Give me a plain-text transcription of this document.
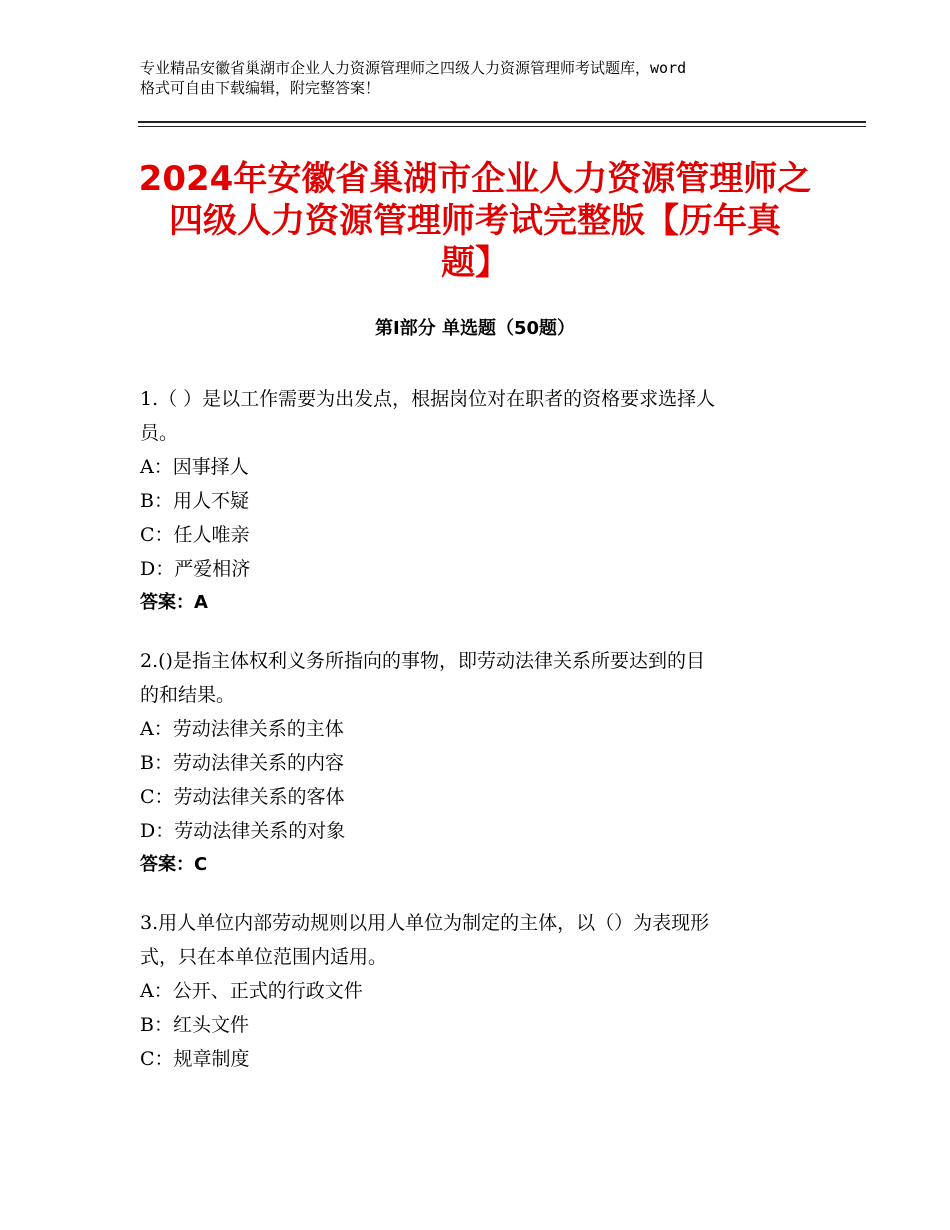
专业精品安徽省巢湖市企业人力资源管理师之四级人力资源管理师考试题库，word
格式可自由下载编辑，附完整答案！
2024年安徽省巢湖市企业人力资源管理师之
四级人力资源管理师考试完整版【历年真
题】
第Ⅰ部分 单选题（50题）
1.（ ）是以工作需要为出发点，根据岗位对在职者的资格要求选择人
员。
A：因事择人
B：用人不疑
C：任人唯亲
D：严爱相济
答案：A
2.()是指主体权利义务所指向的事物，即劳动法律关系所要达到的目
的和结果。
A：劳动法律关系的主体
B：劳动法律关系的内容
C：劳动法律关系的客体
D：劳动法律关系的对象
答案：C
3.用人单位内部劳动规则以用人单位为制定的主体，以（）为表现形
式，只在本单位范围内适用。
A：公开、正式的行政文件
B：红头文件
C：规章制度
